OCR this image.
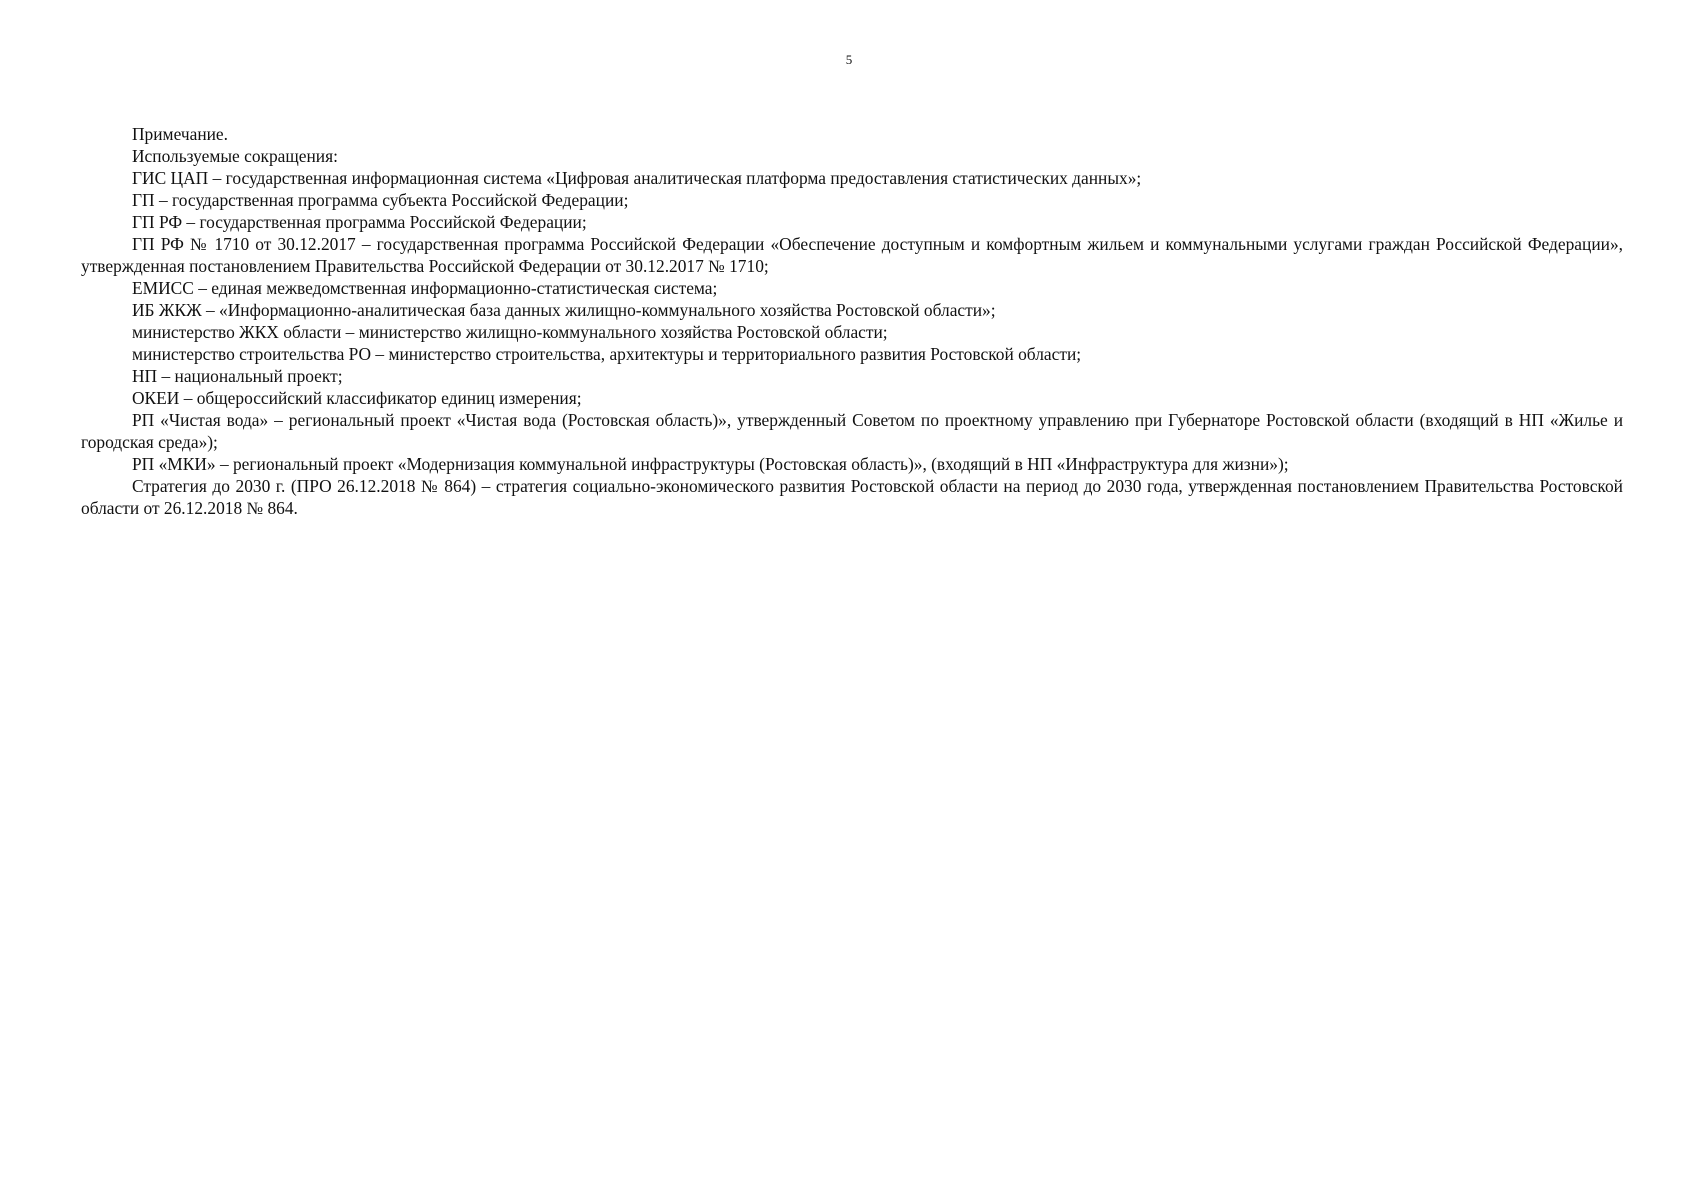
5

Примечание.

Используемые сокращения:

ГИС ЦАП – государственная информационная система «Цифровая аналитическая платформа предоставления статистических данных»;

ГП – государственная программа субъекта Российской Федерации;

ГП РФ – государственная программа Российской Федерации;

ГП РФ № 1710 от 30.12.2017 – государственная программа Российской Федерации «Обеспечение доступным и комфортным жильем и коммунальными услугами граждан Российской Федерации», утвержденная постановлением Правительства Российской Федерации от 30.12.2017 № 1710;

ЕМИСС – единая межведомственная информационно-статистическая система;

ИБ ЖКЖ – «Информационно-аналитическая база данных жилищно-коммунального хозяйства Ростовской области»;

министерство ЖКХ области – министерство жилищно-коммунального хозяйства Ростовской области;

министерство строительства РО – министерство строительства, архитектуры и территориального развития Ростовской области;

НП – национальный проект;

ОКЕИ – общероссийский классификатор единиц измерения;

РП «Чистая вода» – региональный проект «Чистая вода (Ростовская область)», утвержденный Советом по проектному управлению при Губернаторе Ростовской области (входящий в НП «Жилье и городская среда»);

РП «МКИ» – региональный проект «Модернизация коммунальной инфраструктуры (Ростовская область)», (входящий в НП «Инфраструктура для жизни»);

Стратегия до 2030 г. (ПРО 26.12.2018 № 864) – стратегия социально-экономического развития Ростовской области на период до 2030 года, утвержденная постановлением Правительства Ростовской области от 26.12.2018 № 864.
